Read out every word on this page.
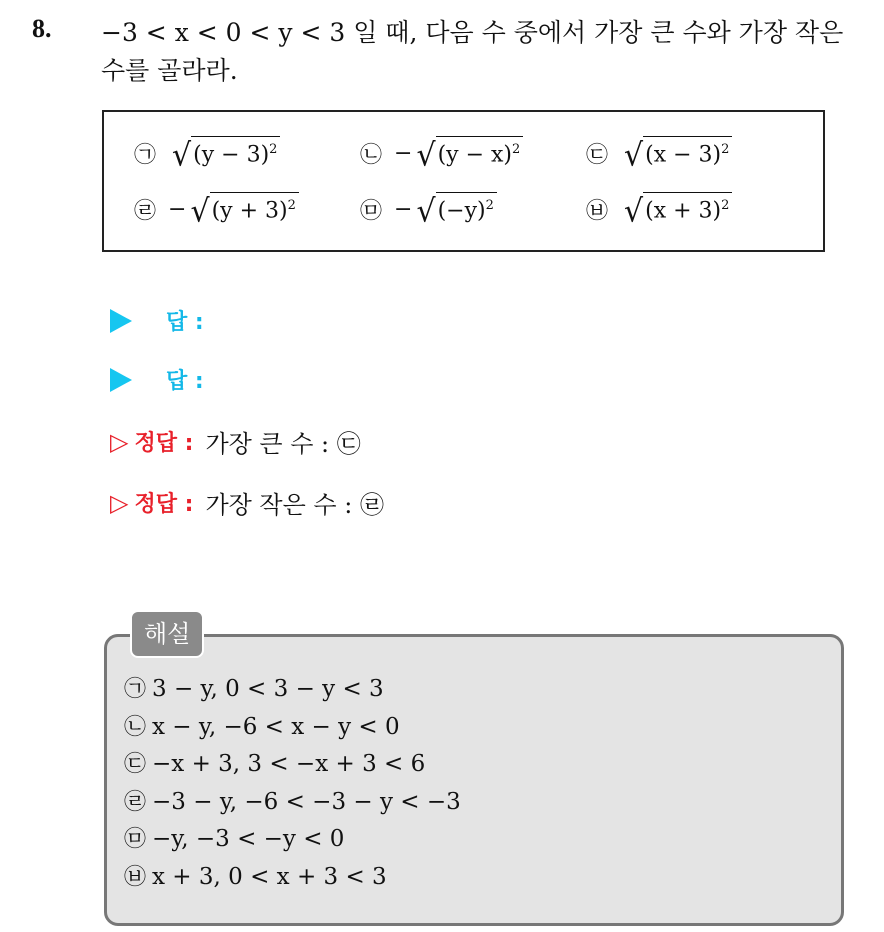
8. −3 < x < 0 < y < 3 일 때, 다음 수 중에서 가장 큰 수와 가장 작은
수를 골라라.
㉠ √ $(y - 3)^2$	㉡ − √ $(y - x)^2$	㉢ √ $(x - 3)^2$
㉣ − √ $(y + 3)^2$	㉤ − √ $(-y)^2$	㉥ √ $(x + 3)^2$
답 :
답 :
▷ 정답 : 가장 큰 수 : ㉢
▷ 정답 : 가장 작은 수 : ㉣
해설
㉠ 3 − y, 0 < 3 − y < 3
㉡ x − y, −6 < x − y < 0
㉢ −x + 3, 3 < −x + 3 < 6
㉣ −3 − y, −6 < −3 − y < −3
㉤ −y, −3 < −y < 0
㉥ x + 3, 0 < x + 3 < 3
